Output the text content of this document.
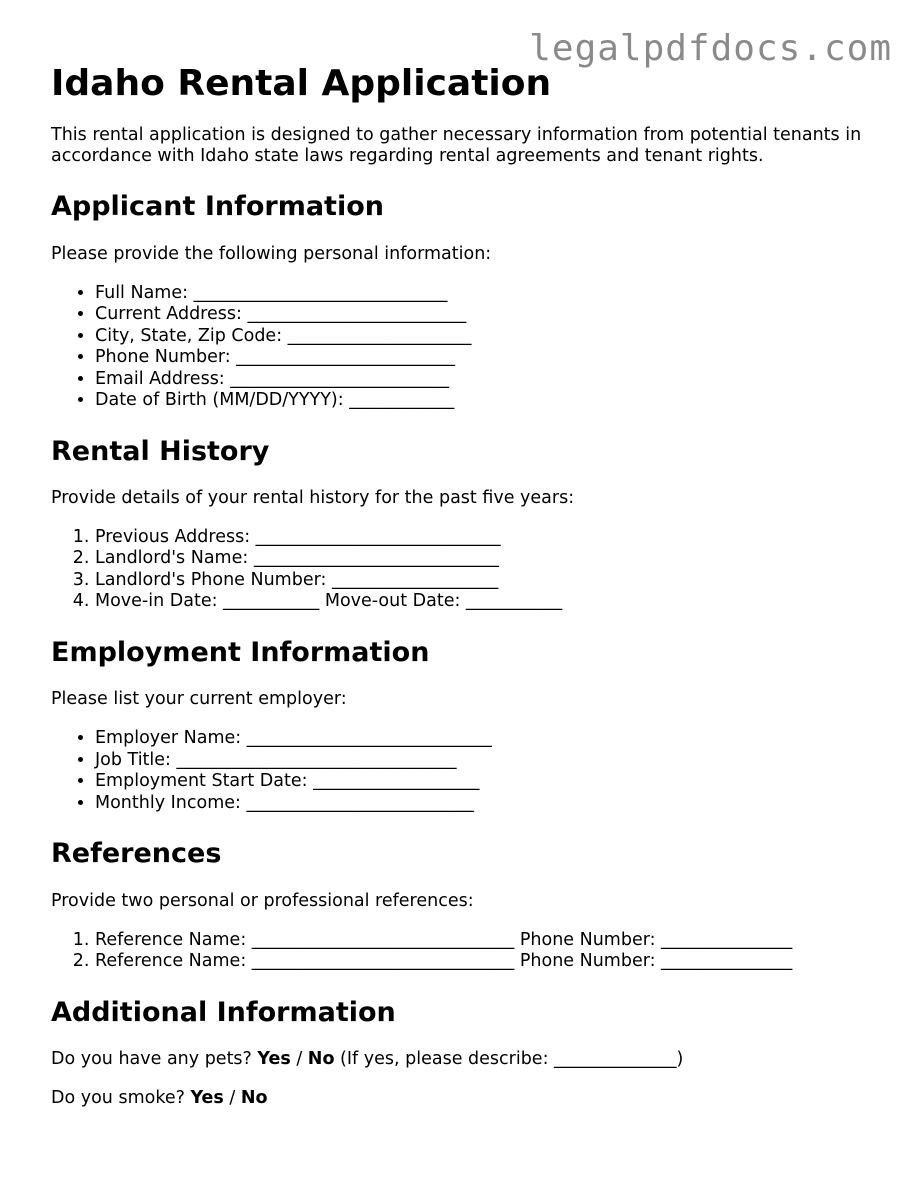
legalpdfdocs.com
Idaho Rental Application

This rental application is designed to gather necessary information from potential tenants in accordance with Idaho state laws regarding rental agreements and tenant rights.

Applicant Information

Please provide the following personal information:

• Full Name: _____________________________
• Current Address: _________________________
• City, State, Zip Code: _____________________
• Phone Number: _________________________
• Email Address: _________________________
• Date of Birth (MM/DD/YYYY): ____________
Rental History

Provide details of your rental history for the past five years:

1. Previous Address: ____________________________
2. Landlord's Name: ____________________________
3. Landlord's Phone Number: ___________________
4. Move-in Date: ___________ Move-out Date: ___________
Employment Information

Please list your current employer:

• Employer Name: ____________________________
• Job Title: ________________________________
• Employment Start Date: ___________________
• Monthly Income: __________________________
References

Provide two personal or professional references:

1. Reference Name: ______________________________ Phone Number: _______________
2. Reference Name: ______________________________ Phone Number: _______________
Additional Information

Do you have any pets? Yes / No (If yes, please describe: ______________)

Do you smoke? Yes / No
